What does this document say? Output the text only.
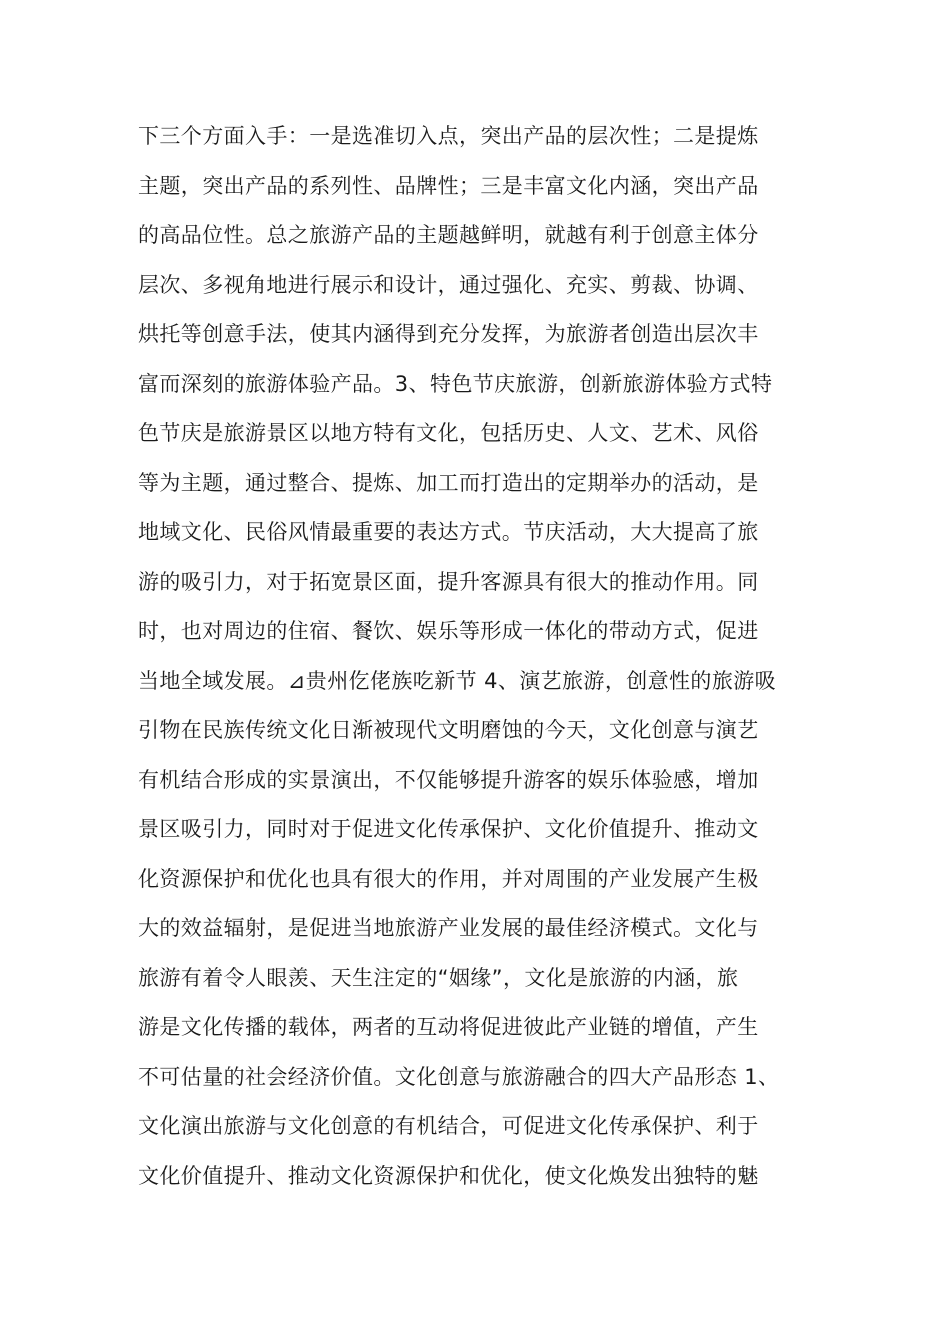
下三个方面入手：一是选准切入点，突出产品的层次性；二是提炼
主题，突出产品的系列性、品牌性；三是丰富文化内涵，突出产品
的高品位性。总之旅游产品的主题越鲜明，就越有利于创意主体分
层次、多视角地进行展示和设计，通过强化、充实、剪裁、协调、
烘托等创意手法，使其内涵得到充分发挥，为旅游者创造出层次丰
富而深刻的旅游体验产品。3、特色节庆旅游，创新旅游体验方式特
色节庆是旅游景区以地方特有文化，包括历史、人文、艺术、风俗
等为主题，通过整合、提炼、加工而打造出的定期举办的活动，是
地域文化、民俗风情最重要的表达方式。节庆活动，大大提高了旅
游的吸引力，对于拓宽景区面，提升客源具有很大的推动作用。同
时，也对周边的住宿、餐饮、娱乐等形成一体化的带动方式，促进
当地全域发展。⊿贵州仡佬族吃新节 4、演艺旅游，创意性的旅游吸
引物在民族传统文化日渐被现代文明磨蚀的今天，文化创意与演艺
有机结合形成的实景演出，不仅能够提升游客的娱乐体验感，增加
景区吸引力，同时对于促进文化传承保护、文化价值提升、推动文
化资源保护和优化也具有很大的作用，并对周围的产业发展产生极
大的效益辐射，是促进当地旅游产业发展的最佳经济模式。文化与
旅游有着令人眼羡、天生注定的“姻缘”，文化是旅游的内涵，旅
游是文化传播的载体，两者的互动将促进彼此产业链的增值，产生
不可估量的社会经济价值。文化创意与旅游融合的四大产品形态 1、
文化演出旅游与文化创意的有机结合，可促进文化传承保护、利于
文化价值提升、推动文化资源保护和优化，使文化焕发出独特的魅
